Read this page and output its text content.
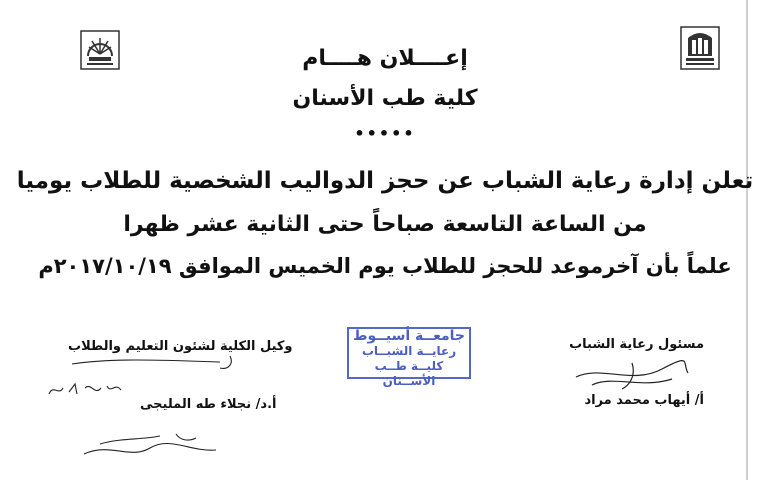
إعــــلان هــــام
كلية طب الأسنان
•••••
تعلن إدارة رعاية الشباب عن حجز الدواليب الشخصية للطلاب يوميا
من الساعة التاسعة صباحاً حتى الثانية عشر ظهرا
علماً بأن آخرموعد للحجز للطلاب يوم الخميس الموافق ٢٠١٧/١٠/١٩م
مسئول رعاية الشباب
أ/ أيهاب محمد مراد
جامعــة أسيــوط
رعايــة الشبــاب
كليــة طــب الأســنان
وكيل الكلية لشئون التعليم والطلاب
أ.د/ نجلاء طه المليجى
